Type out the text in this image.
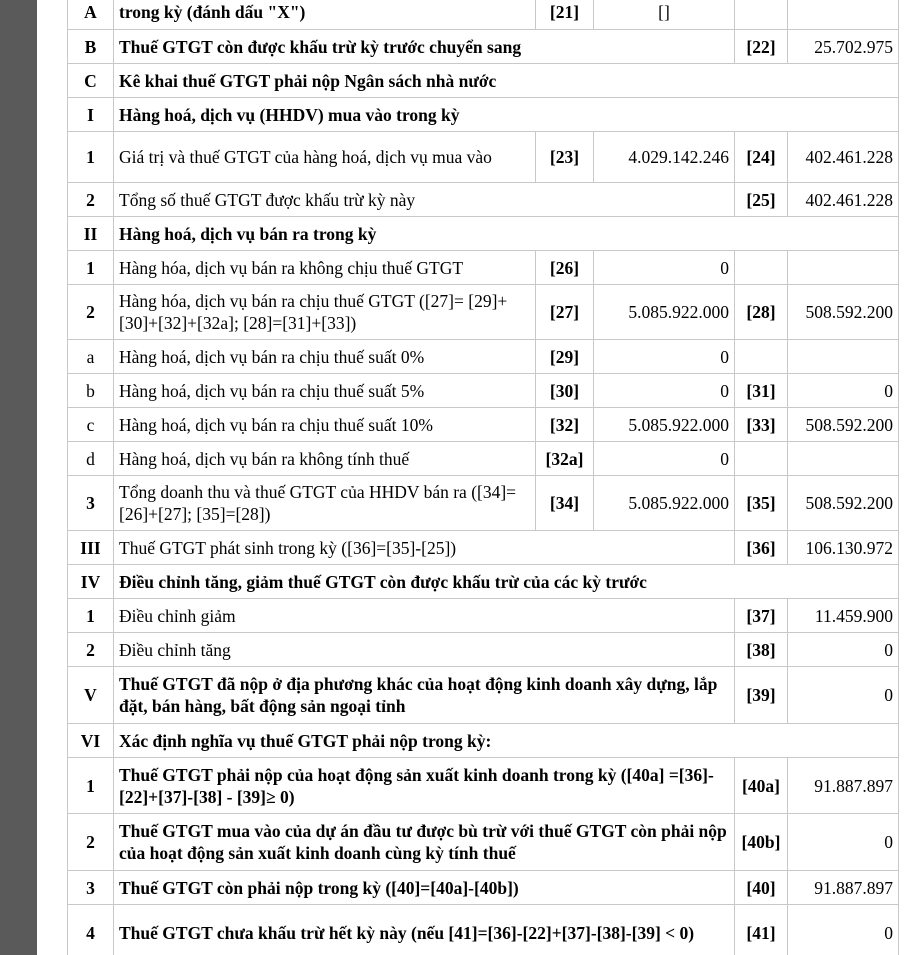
A	trong kỳ (đánh dấu "X")	[21]	[]		
B	Thuế GTGT còn được khấu trừ kỳ trước chuyển sang			[22]	25.702.975
C	Kê khai thuế GTGT phải nộp Ngân sách nhà nước				
I	Hàng hoá, dịch vụ (HHDV) mua vào trong kỳ				
1	Giá trị và thuế GTGT của hàng hoá, dịch vụ mua vào	[23]	4.029.142.246	[24]	402.461.228
2	Tổng số thuế GTGT được khấu trừ kỳ này			[25]	402.461.228
II	Hàng hoá, dịch vụ bán ra trong kỳ				
1	Hàng hóa, dịch vụ bán ra không chịu thuế GTGT	[26]	0		
2	Hàng hóa, dịch vụ bán ra chịu thuế GTGT ([27]= [29]+[30]+[32]+[32a]; [28]=[31]+[33])	[27]	5.085.922.000	[28]	508.592.200
a	Hàng hoá, dịch vụ bán ra chịu thuế suất 0%	[29]	0		
b	Hàng hoá, dịch vụ bán ra chịu thuế suất 5%	[30]	0	[31]	0
c	Hàng hoá, dịch vụ bán ra chịu thuế suất 10%	[32]	5.085.922.000	[33]	508.592.200
d	Hàng hoá, dịch vụ bán ra không tính thuế	[32a]	0		
3	Tổng doanh thu và thuế GTGT của HHDV bán ra ([34]=[26]+[27]; [35]=[28])	[34]	5.085.922.000	[35]	508.592.200
III	Thuế GTGT phát sinh trong kỳ ([36]=[35]-[25])			[36]	106.130.972
IV	Điều chỉnh tăng, giảm thuế GTGT còn được khấu trừ của các kỳ trước				
1	Điều chỉnh giảm			[37]	11.459.900
2	Điều chỉnh tăng			[38]	0
V	Thuế GTGT đã nộp ở địa phương khác của hoạt động kinh doanh xây dựng, lắp đặt, bán hàng, bất động sản ngoại tỉnh			[39]	0
VI	Xác định nghĩa vụ thuế GTGT phải nộp trong kỳ:				
1	Thuế GTGT phải nộp của hoạt động sản xuất kinh doanh trong kỳ ([40a] =[36]-[22]+[37]-[38] - [39]≥ 0)			[40a]	91.887.897
2	Thuế GTGT mua vào của dự án đầu tư được bù trừ với thuế GTGT còn phải nộp của hoạt động sản xuất kinh doanh cùng kỳ tính thuế			[40b]	0
3	Thuế GTGT còn phải nộp trong kỳ ([40]=[40a]-[40b])			[40]	91.887.897
4	Thuế GTGT chưa khấu trừ hết kỳ này (nếu [41]=[36]-[22]+[37]-[38]-[39] < 0)			[41]	0
